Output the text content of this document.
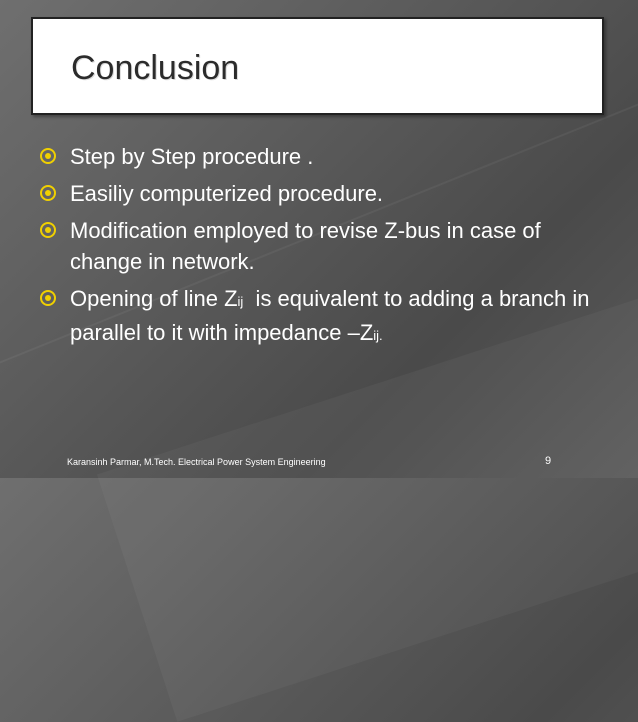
Conclusion
Step by Step procedure .
Easiliy computerized procedure.
Modification employed to revise Z-bus in case of change in network.
Opening of line Zij  is equivalent to adding a branch in parallel to it with impedance –Zij.
Karansinh Parmar, M.Tech. Electrical Power System Engineering	9
